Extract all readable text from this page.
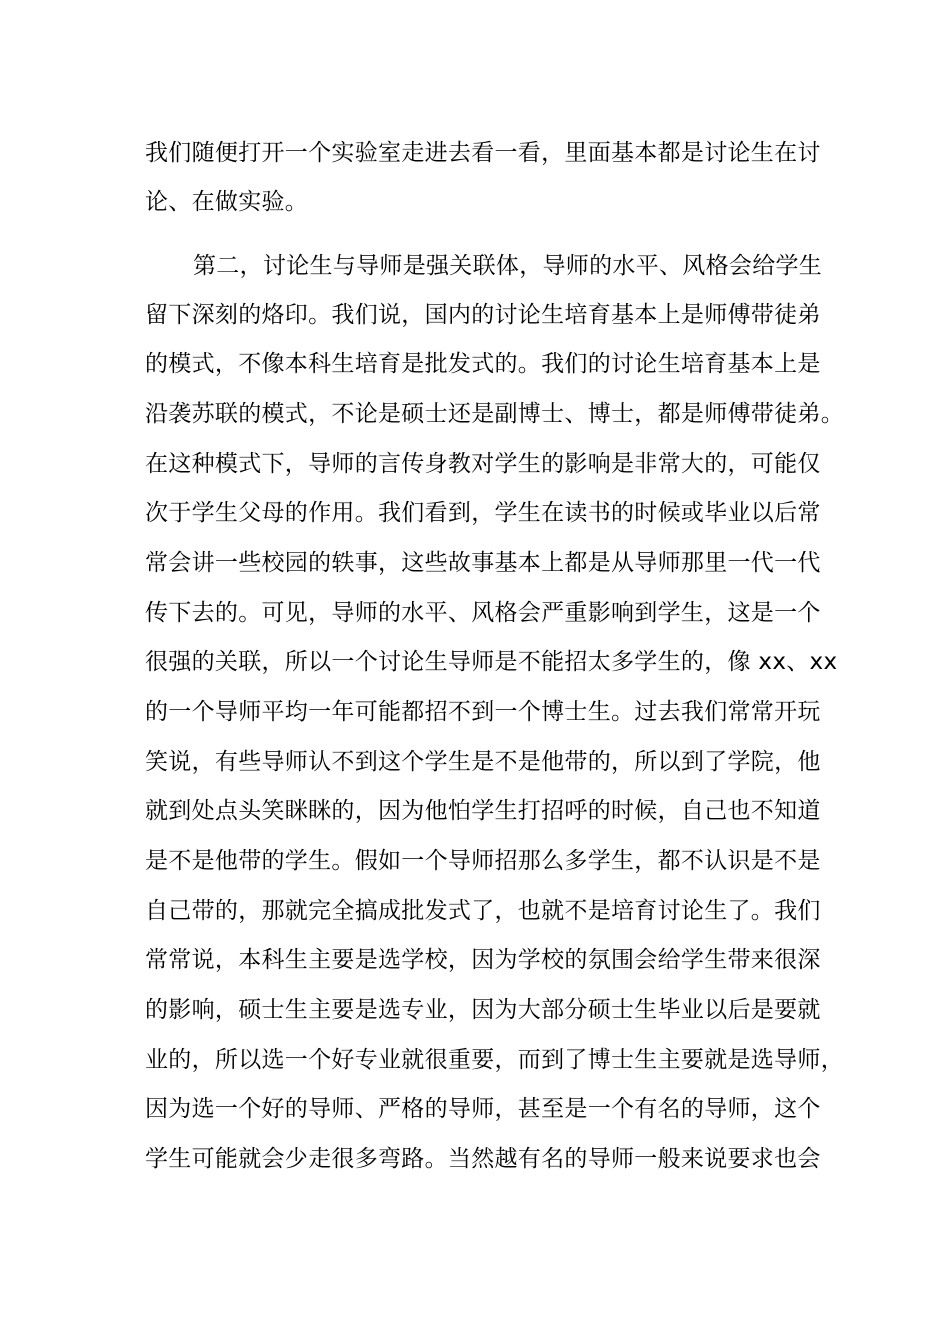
我们随便打开一个实验室走进去看一看，里面基本都是讨论生在讨
论、在做实验。
第二，讨论生与导师是强关联体，导师的水平、风格会给学生
留下深刻的烙印。我们说，国内的讨论生培育基本上是师傅带徒弟
的模式，不像本科生培育是批发式的。我们的讨论生培育基本上是
沿袭苏联的模式，不论是硕士还是副博士、博士，都是师傅带徒弟。
在这种模式下，导师的言传身教对学生的影响是非常大的，可能仅
次于学生父母的作用。我们看到，学生在读书的时候或毕业以后常
常会讲一些校园的轶事，这些故事基本上都是从导师那里一代一代
传下去的。可见，导师的水平、风格会严重影响到学生，这是一个
很强的关联，所以一个讨论生导师是不能招太多学生的，像 xx、xx
的一个导师平均一年可能都招不到一个博士生。过去我们常常开玩
笑说，有些导师认不到这个学生是不是他带的，所以到了学院，他
就到处点头笑眯眯的，因为他怕学生打招呼的时候，自己也不知道
是不是他带的学生。假如一个导师招那么多学生，都不认识是不是
自己带的，那就完全搞成批发式了，也就不是培育讨论生了。我们
常常说，本科生主要是选学校，因为学校的氛围会给学生带来很深
的影响，硕士生主要是选专业，因为大部分硕士生毕业以后是要就
业的，所以选一个好专业就很重要，而到了博士生主要就是选导师，
因为选一个好的导师、严格的导师，甚至是一个有名的导师，这个
学生可能就会少走很多弯路。当然越有名的导师一般来说要求也会
